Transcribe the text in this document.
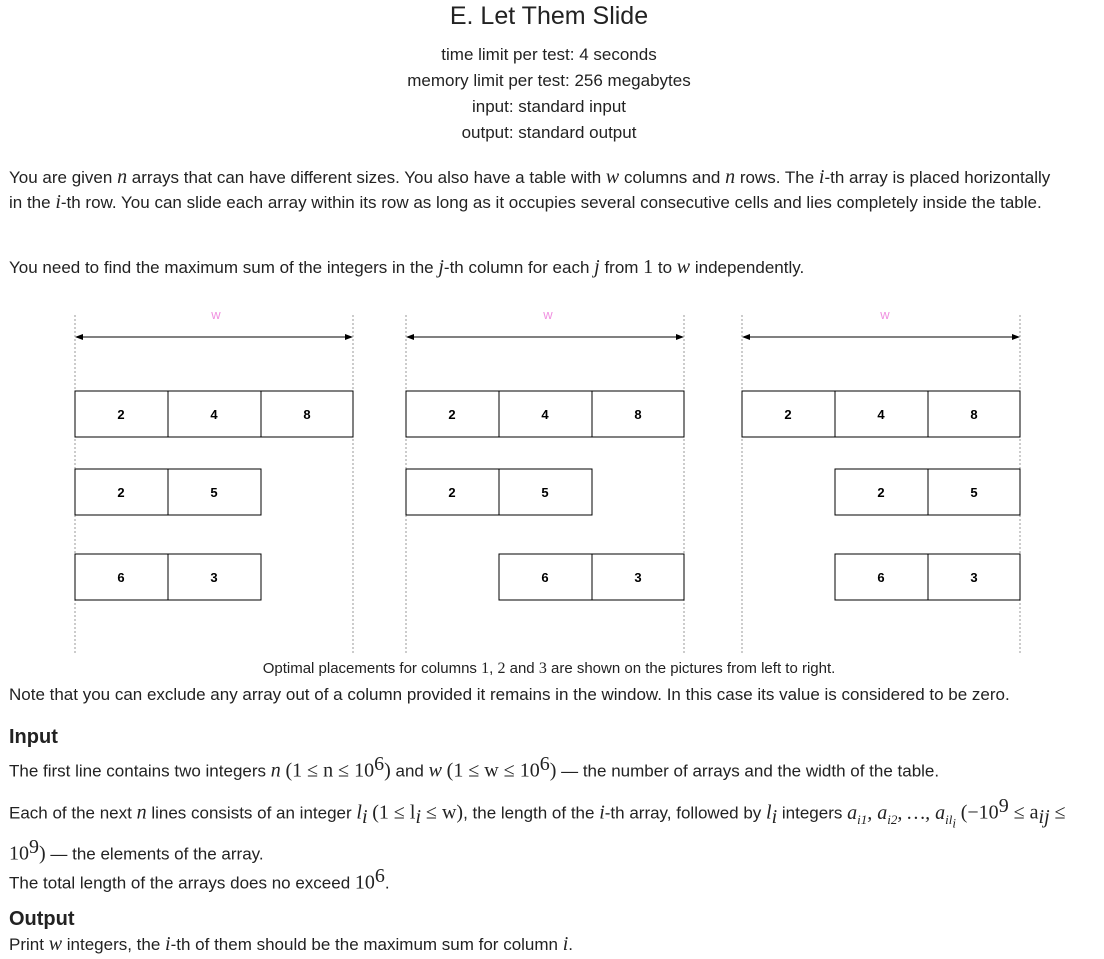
E. Let Them Slide
time limit per test: 4 seconds
memory limit per test: 256 megabytes
input: standard input
output: standard output
You are given n arrays that can have different sizes. You also have a table with w columns and n rows. The i-th array is placed horizontally in the i-th row. You can slide each array within its row as long as it occupies several consecutive cells and lies completely inside the table.
You need to find the maximum sum of the integers in the j-th column for each j from 1 to w independently.
w
2	4	8
2	5
6	3
w
2	4	8
2	5
6	3
w
2	4	8
2	5
6	3
Optimal placements for columns 1, 2 and 3 are shown on the pictures from left to right.
Note that you can exclude any array out of a column provided it remains in the window. In this case its value is considered to be zero.
Input
The first line contains two integers n $(1 \le n \le 10^6)$ and w $(1 \le w \le 10^6)$ — the number of arrays and the width of the table.
Each of the next n lines consists of an integer $l_i$ $(1 \le l_i \le w)$, the length of the i-th array, followed by $l_i$ integers $a_{i1}$, $a_{i2}$, …, $a_{il_i}$ $(-10^9 \le a_{ij} \le 10^9)$ — the elements of the array.
The total length of the arrays does no exceed $10^6$.
Output
Print w integers, the i-th of them should be the maximum sum for column i.
